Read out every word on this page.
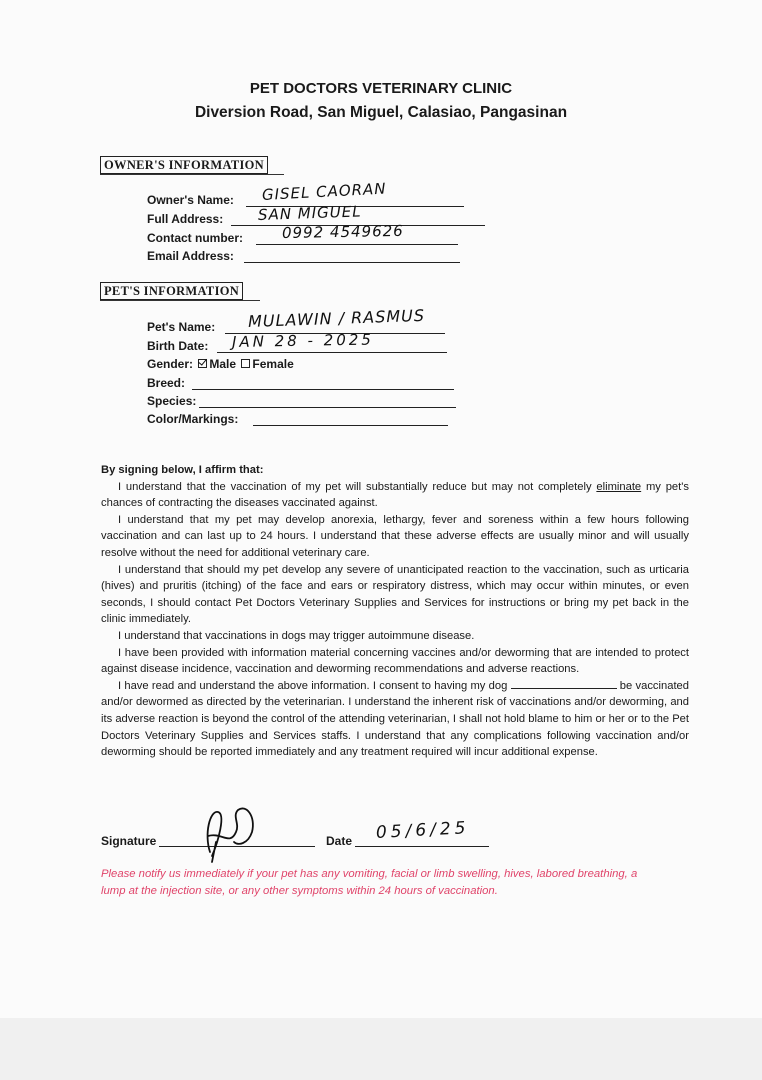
PET DOCTORS VETERINARY CLINIC
Diversion Road, San Miguel, Calasiao, Pangasinan
OWNER'S INFORMATION
Owner's Name: GISEL CAORAN
Full Address: SAN MIGUEL
Contact number:	0992 4549626
Email Address:
PET'S INFORMATION
Pet's Name: MULAWIN / RASMUS
Birth Date: JAN 28 - 2025
Gender: Male Female
Breed:
Species:
Color/Markings:
By signing below, I affirm that:

I understand that the vaccination of my pet will substantially reduce but may not completely eliminate my pet's chances of contracting the diseases vaccinated against.

I understand that my pet may develop anorexia, lethargy, fever and soreness within a few hours following vaccination and can last up to 24 hours. I understand that these adverse effects are usually minor and will usually resolve without the need for additional veterinary care.

I understand that should my pet develop any severe of unanticipated reaction to the vaccination, such as urticaria (hives) and pruritis (itching) of the face and ears or respiratory distress, which may occur within minutes, or even seconds, I should contact Pet Doctors Veterinary Supplies and Services for instructions or bring my pet back in the clinic immediately.

I understand that vaccinations in dogs may trigger autoimmune disease.

I have been provided with information material concerning vaccines and/or deworming that are intended to protect against disease incidence, vaccination and deworming recommendations and adverse reactions.

I have read and understand the above information. I consent to having my dog	be vaccinated and/or dewormed as directed by the veterinarian. I understand the inherent risk of vaccinations and/or deworming, and its adverse reaction is beyond the control of the attending veterinarian, I shall not hold blame to him or her or to the Pet Doctors Veterinary Supplies and Services staffs. I understand that any complications following vaccination and/or deworming should be reported immediately and any treatment required will incur additional expense.

Signature	Date 05/6/25
Please notify us immediately if your pet has any vomiting, facial or limb swelling, hives, labored breathing, a lump at the injection site, or any other symptoms within 24 hours of vaccination.
